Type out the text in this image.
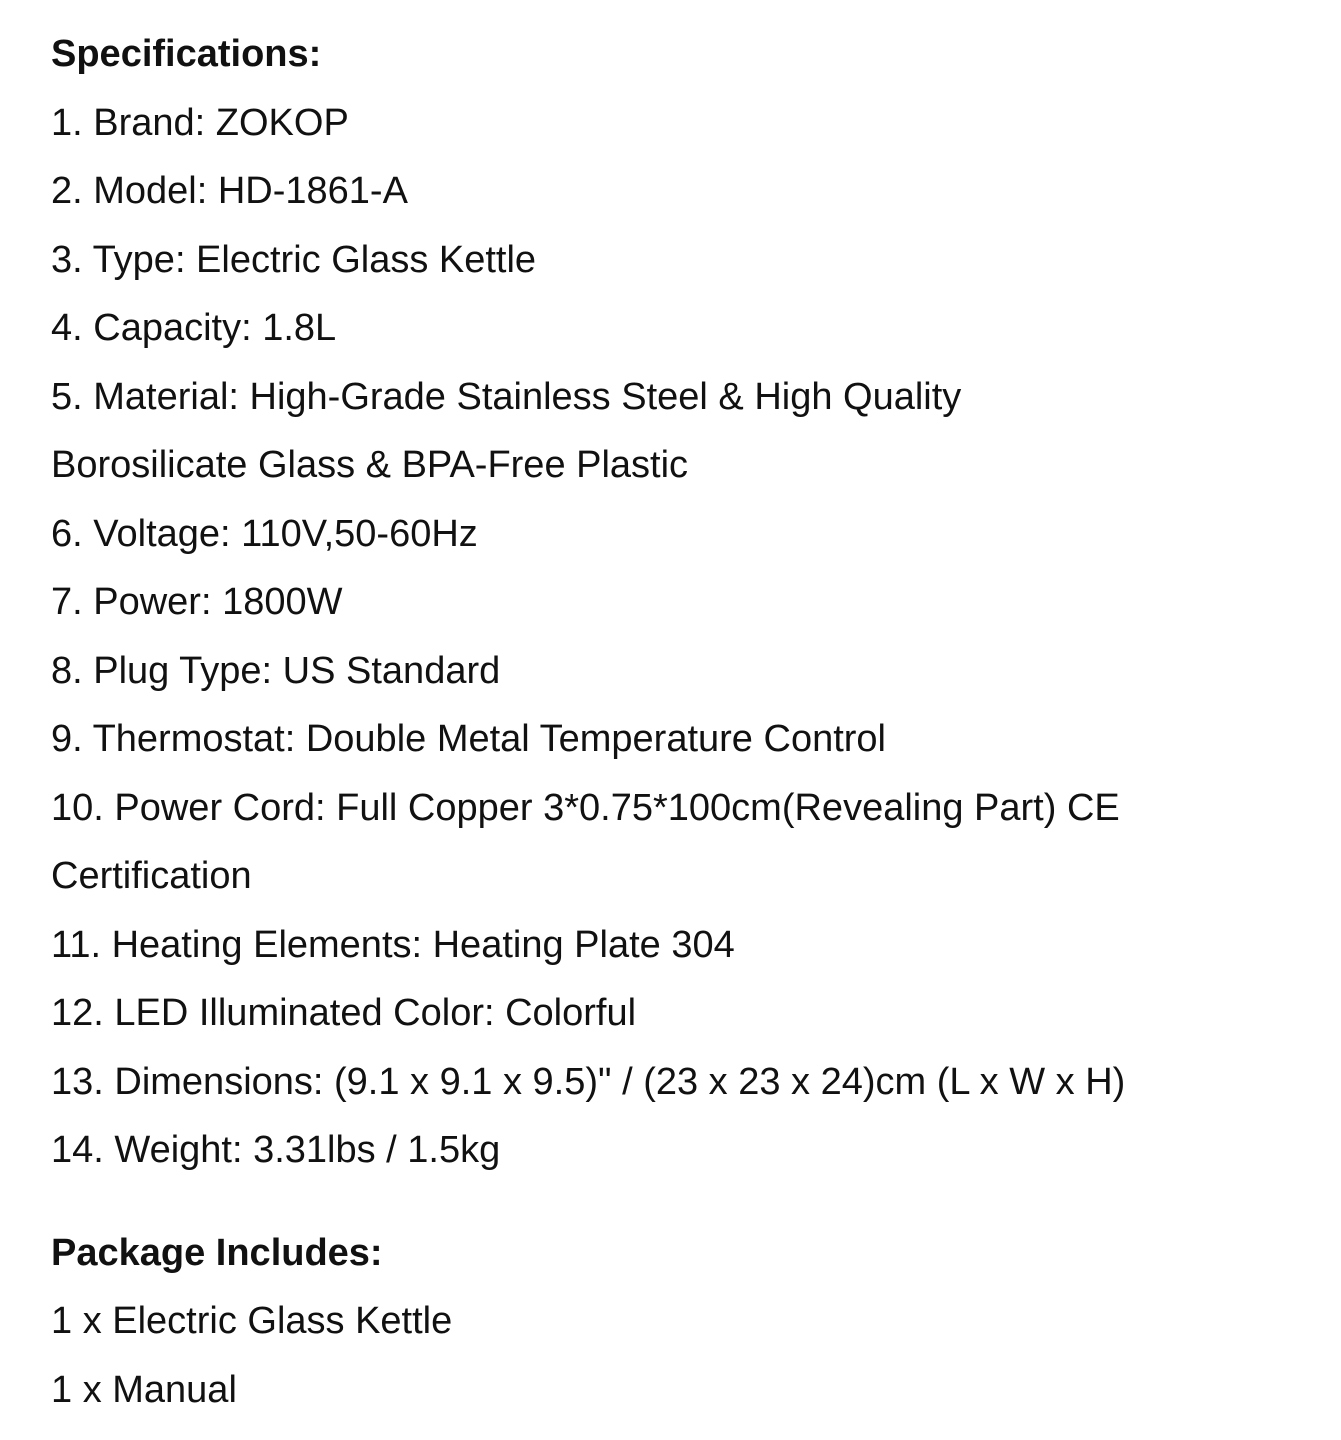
Specifications:
1. Brand: ZOKOP
2. Model: HD-1861-A
3. Type: Electric Glass Kettle
4. Capacity: 1.8L
5. Material: High-Grade Stainless Steel & High Quality Borosilicate Glass & BPA-Free Plastic
6. Voltage: 110V,50-60Hz
7. Power: 1800W
8. Plug Type: US Standard
9. Thermostat: Double Metal Temperature Control
10. Power Cord: Full Copper 3*0.75*100cm(Revealing Part) CE Certification
11. Heating Elements: Heating Plate 304
12. LED Illuminated Color: Colorful
13. Dimensions: (9.1 x 9.1 x 9.5)" / (23 x 23 x 24)cm (L x W x H)
14. Weight: 3.31lbs / 1.5kg
Package Includes:
1 x Electric Glass Kettle
1 x Manual
